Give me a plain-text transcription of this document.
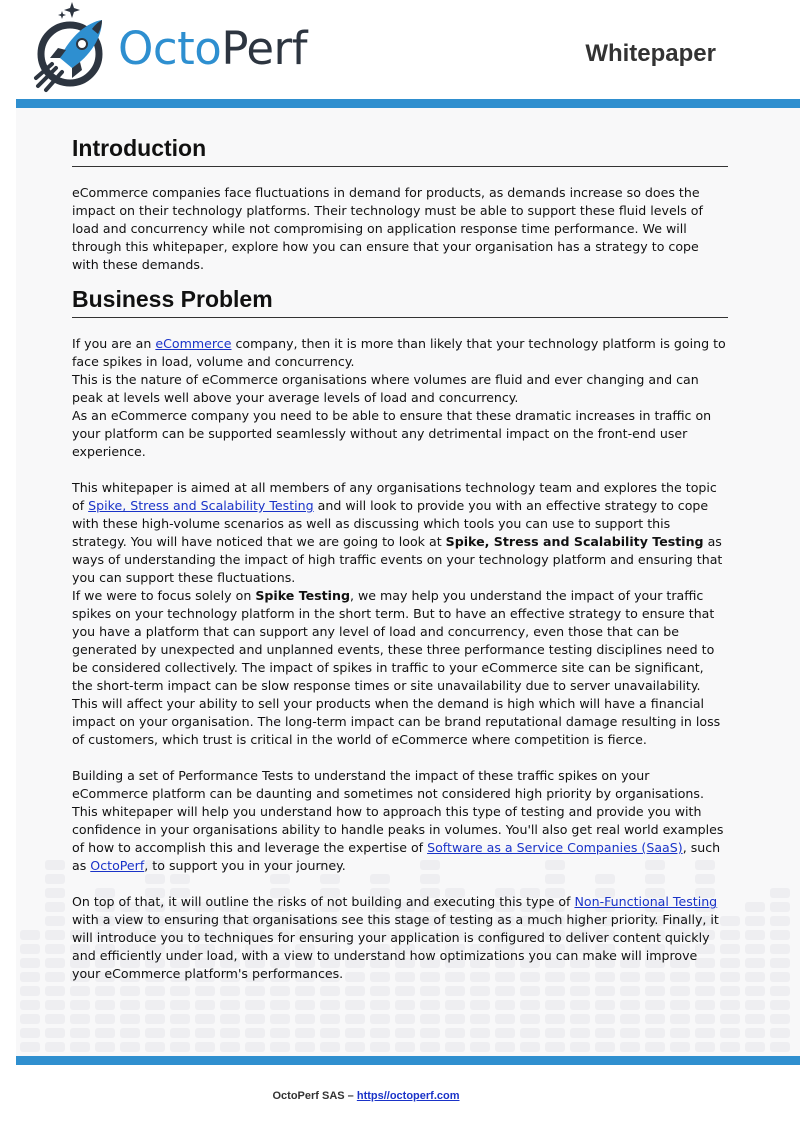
OctoPerf	Whitepaper
Introduction

eCommerce companies face fluctuations in demand for products, as demands increase so does the impact on their technology platforms. Their technology must be able to support these fluid levels of load and concurrency while not compromising on application response time performance. We will through this whitepaper, explore how you can ensure that your organisation has a strategy to cope with these demands.

Business Problem

If you are an eCommerce company, then it is more than likely that your technology platform is going to face spikes in load, volume and concurrency.

This is the nature of eCommerce organisations where volumes are fluid and ever changing and can peak at levels well above your average levels of load and concurrency.

As an eCommerce company you need to be able to ensure that these dramatic increases in traffic on your platform can be supported seamlessly without any detrimental impact on the front-end user experience.

This whitepaper is aimed at all members of any organisations technology team and explores the topic of Spike, Stress and Scalability Testing and will look to provide you with an effective strategy to cope with these high-volume scenarios as well as discussing which tools you can use to support this strategy. You will have noticed that we are going to look at Spike, Stress and Scalability Testing as ways of understanding the impact of high traffic events on your technology platform and ensuring that you can support these fluctuations.

If we were to focus solely on Spike Testing, we may help you understand the impact of your traffic spikes on your technology platform in the short term. But to have an effective strategy to ensure that you have a platform that can support any level of load and concurrency, even those that can be generated by unexpected and unplanned events, these three performance testing disciplines need to be considered collectively. The impact of spikes in traffic to your eCommerce site can be significant, the short-term impact can be slow response times or site unavailability due to server unavailability.

This will affect your ability to sell your products when the demand is high which will have a financial impact on your organisation. The long-term impact can be brand reputational damage resulting in loss of customers, which trust is critical in the world of eCommerce where competition is fierce.

Building a set of Performance Tests to understand the impact of these traffic spikes on your eCommerce platform can be daunting and sometimes not considered high priority by organisations.

This whitepaper will help you understand how to approach this type of testing and provide you with confidence in your organisations ability to handle peaks in volumes. You'll also get real world examples of how to accomplish this and leverage the expertise of Software as a Service Companies (SaaS), such as OctoPerf, to support you in your journey.

On top of that, it will outline the risks of not building and executing this type of Non-Functional Testing with a view to ensuring that organisations see this stage of testing as a much higher priority. Finally, it will introduce you to techniques for ensuring your application is configured to deliver content quickly and efficiently under load, with a view to understand how optimizations you can make will improve your eCommerce platform's performances.

OctoPerf SAS – https//octoperf.com
